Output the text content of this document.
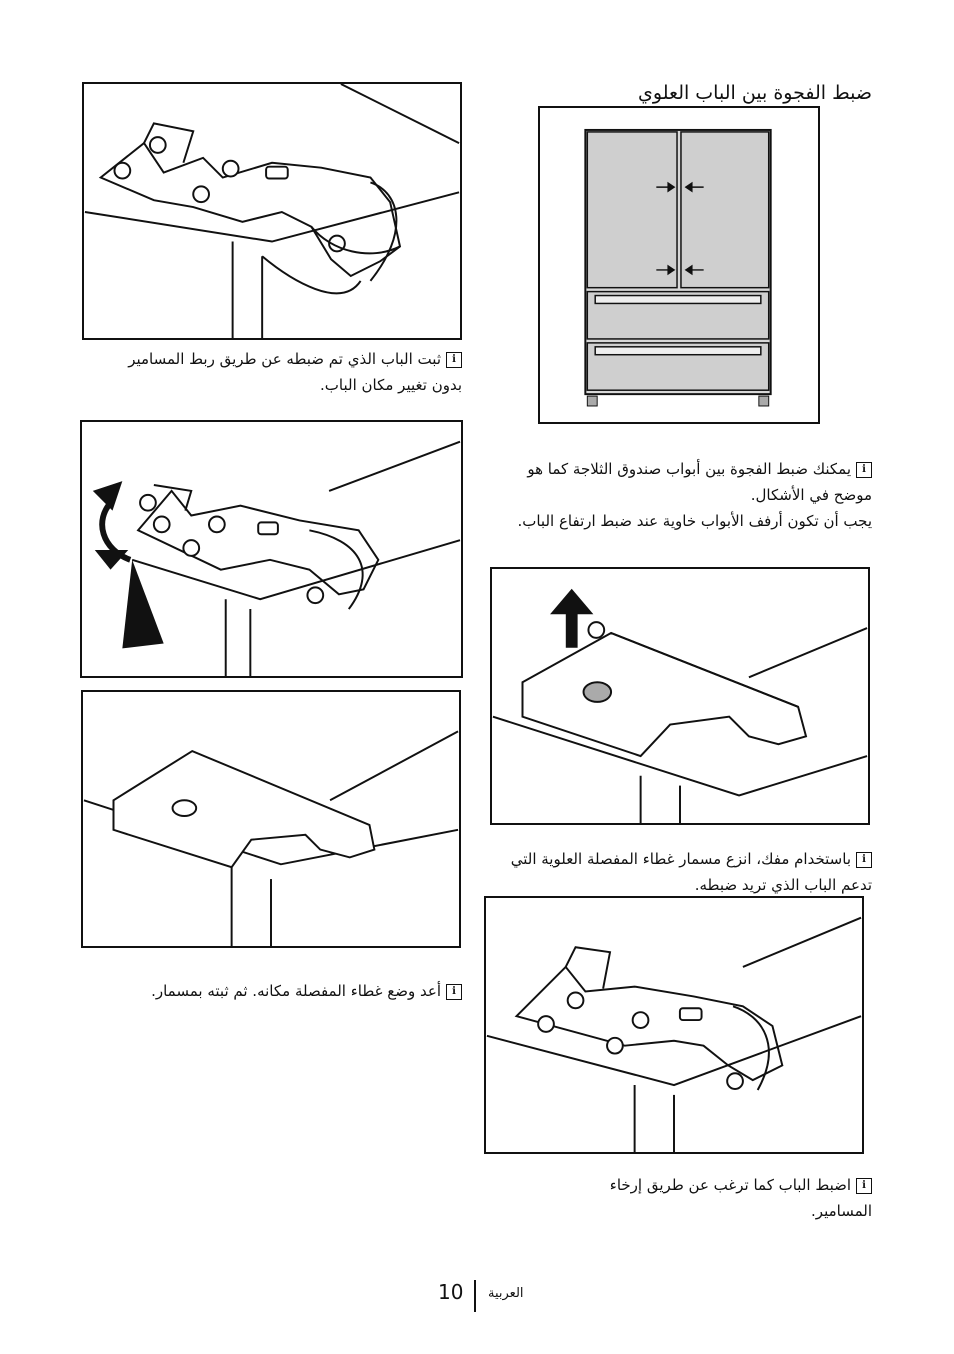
ضبط الفجوة بين الباب العلوي
iثبت الباب الذي تم ضبطه عن طريق ربط المسامير بدون تغيير مكان الباب.
iيمكنك ضبط الفجوة بين أبواب صندوق الثلاجة كما هو موضح في الأشكال.
يجب أن تكون أرفف الأبواب خاوية عند ضبط ارتفاع الباب.
iباستخدام مفك، انزع مسمار غطاء المفصلة العلوية التي تدعم الباب الذي تريد ضبطه.
iاضبط الباب كما ترغب عن طريق إرخاء المسامير.
iأعد وضع غطاء المفصلة مكانه. ثم ثبته بمسمار.
10 العربية
